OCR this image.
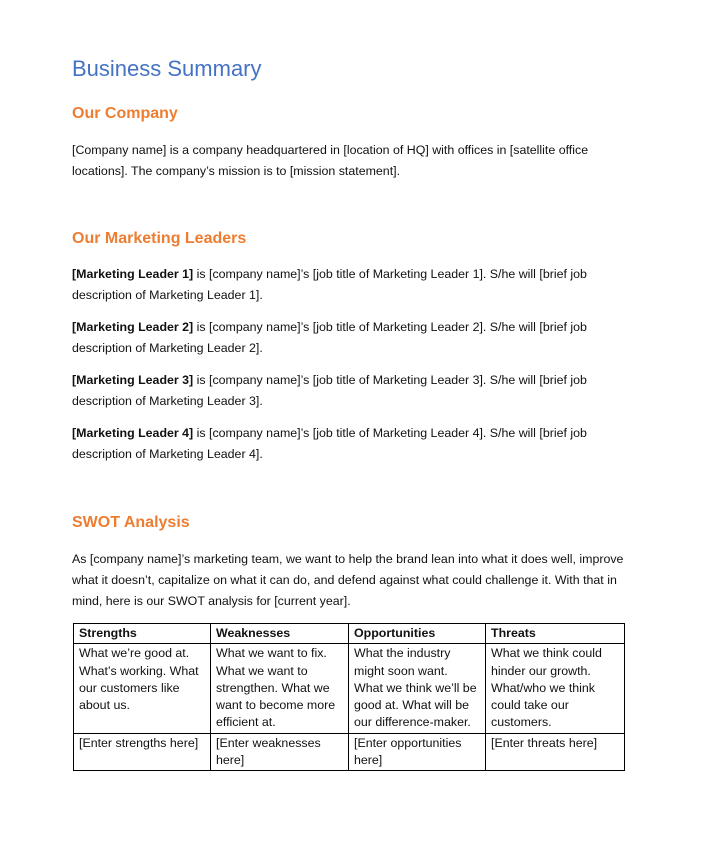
Business Summary
Our Company
[Company name] is a company headquartered in [location of HQ] with offices in [satellite office locations]. The company’s mission is to [mission statement].
Our Marketing Leaders
[Marketing Leader 1] is [company name]’s [job title of Marketing Leader 1]. S/he will [brief job description of Marketing Leader 1].
[Marketing Leader 2] is [company name]’s [job title of Marketing Leader 2]. S/he will [brief job description of Marketing Leader 2].
[Marketing Leader 3] is [company name]’s [job title of Marketing Leader 3]. S/he will [brief job description of Marketing Leader 3].
[Marketing Leader 4] is [company name]’s [job title of Marketing Leader 4]. S/he will [brief job description of Marketing Leader 4].
SWOT Analysis
As [company name]’s marketing team, we want to help the brand lean into what it does well, improve what it doesn’t, capitalize on what it can do, and defend against what could challenge it. With that in mind, here is our SWOT analysis for [current year].
Strengths	Weaknesses	Opportunities	Threats
What we’re good at. What’s working. What our customers like about us.	What we want to fix. What we want to strengthen. What we want to become more efficient at.	What the industry might soon want. What we think we’ll be good at. What will be our difference-maker.	What we think could hinder our growth. What/who we think could take our customers.
[Enter strengths here]	[Enter weaknesses here]	[Enter opportunities here]	[Enter threats here]
